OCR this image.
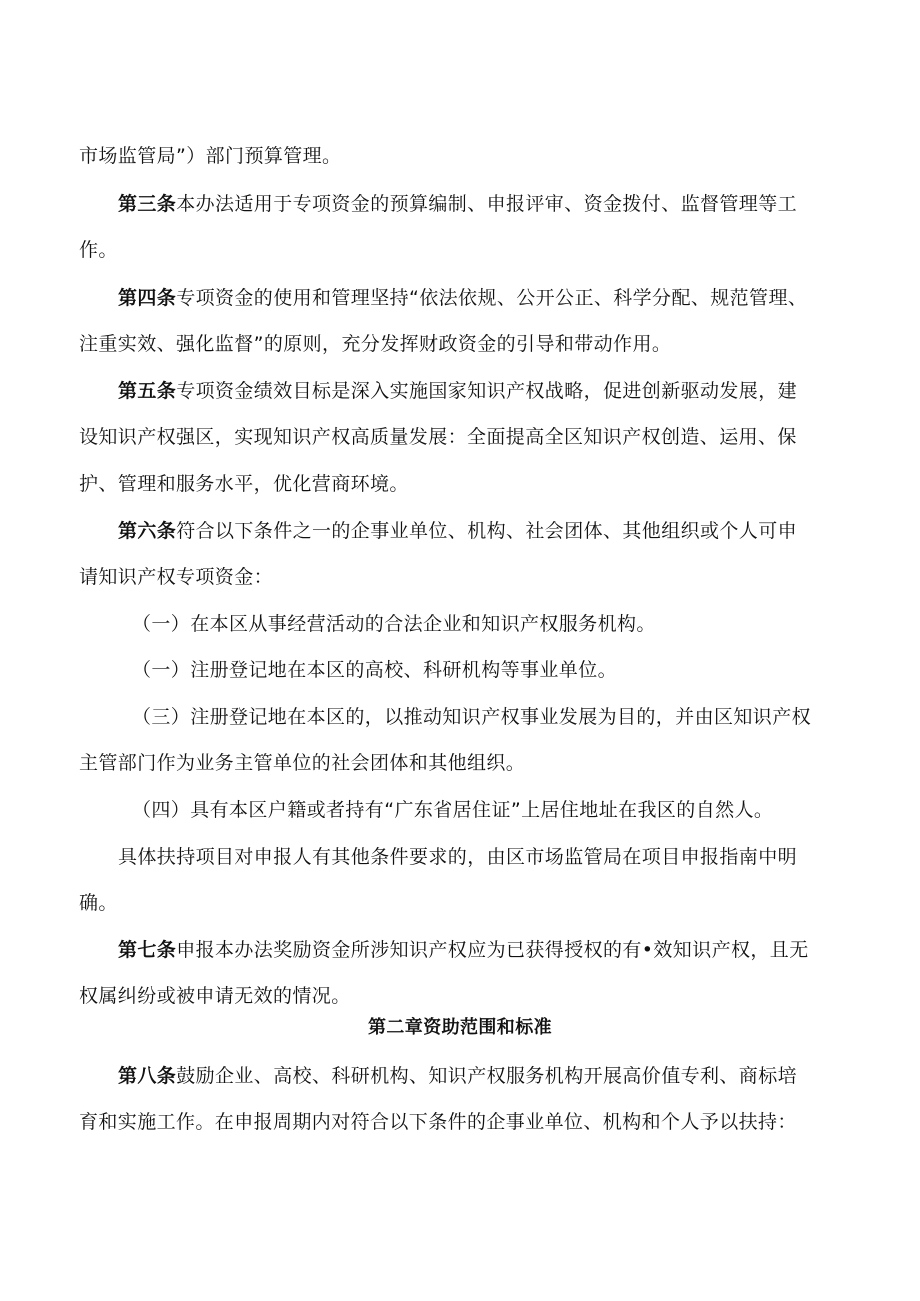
市场监管局”）部门预算管理。
第三条本办法适用于专项资金的预算编制、申报评审、资金拨付、监督管理等工
作。
第四条专项资金的使用和管理坚持“依法依规、公开公正、科学分配、规范管理、
注重实效、强化监督”的原则，充分发挥财政资金的引导和带动作用。
第五条专项资金绩效目标是深入实施国家知识产权战略，促进创新驱动发展，建
设知识产权强区，实现知识产权高质量发展：全面提高全区知识产权创造、运用、保
护、管理和服务水平，优化营商环境。
第六条符合以下条件之一的企事业单位、机构、社会团体、其他组织或个人可申
请知识产权专项资金：
（一）在本区从事经营活动的合法企业和知识产权服务机构。
（一）注册登记地在本区的高校、科研机构等事业单位。
（三）注册登记地在本区的，以推动知识产权事业发展为目的，并由区知识产权
主管部门作为业务主管单位的社会团体和其他组织。
（四）具有本区户籍或者持有“广东省居住证”上居住地址在我区的自然人。
具体扶持项目对申报人有其他条件要求的，由区市场监管局在项目申报指南中明
确。
第七条申报本办法奖励资金所涉知识产权应为已获得授权的有•效知识产权，且无
权属纠纷或被申请无效的情况。
第二章资助范围和标准
第八条鼓励企业、高校、科研机构、知识产权服务机构开展高价值专利、商标培
育和实施工作。在申报周期内对符合以下条件的企事业单位、机构和个人予以扶持：
